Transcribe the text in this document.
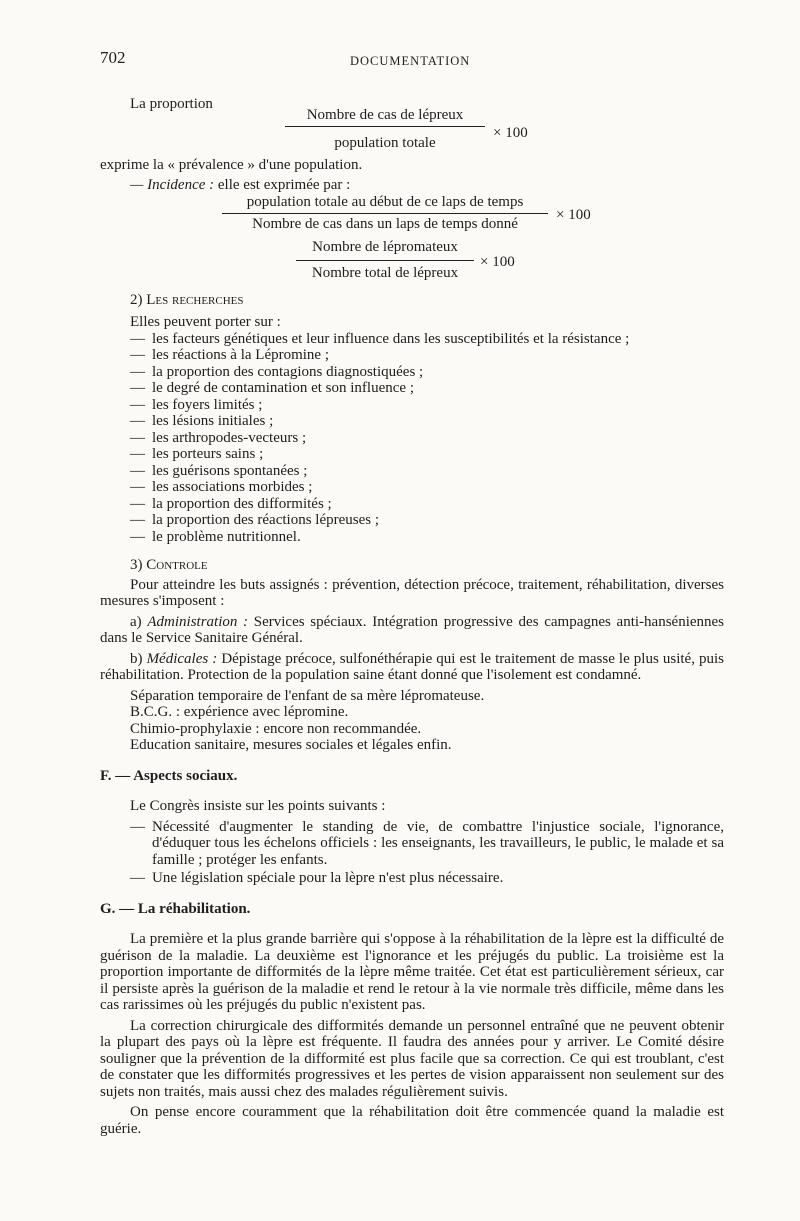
702	DOCUMENTATION

La proportion

Nombre de cas de lépreux
population totale
× 100

exprime la « prévalence » d'une population.

— Incidence : elle est exprimée par :

population totale au début de ce laps de temps
Nombre de cas dans un laps de temps donné
× 100
Nombre de lépromateux
Nombre total de lépreux
× 100

2) Les recherches

Elles peuvent porter sur :

— les facteurs génétiques et leur influence dans les susceptibilités et la résistance ;
— les réactions à la Lépromine ;
— la proportion des contagions diagnostiquées ;
— le degré de contamination et son influence ;
— les foyers limités ;
— les lésions initiales ;
— les arthropodes-vecteurs ;
— les porteurs sains ;
— les guérisons spontanées ;
— les associations morbides ;
— la proportion des difformités ;
— la proportion des réactions lépreuses ;
— le problème nutritionnel.

3) Controle

Pour atteindre les buts assignés : prévention, détection précoce, traitement, réhabilitation, diverses mesures s'imposent :

a) Administration : Services spéciaux. Intégration progressive des campagnes anti-hanséniennes dans le Service Sanitaire Général.

b) Médicales : Dépistage précoce, sulfonéthérapie qui est le traitement de masse le plus usité, puis réhabilitation. Protection de la population saine étant donné que l'isolement est condamné.

Séparation temporaire de l'enfant de sa mère lépromateuse.

B.C.G. : expérience avec lépromine.

Chimio-prophylaxie : encore non recommandée.

Education sanitaire, mesures sociales et légales enfin.

F. — Aspects sociaux.

Le Congrès insiste sur les points suivants :

— Nécessité d'augmenter le standing de vie, de combattre l'injustice sociale, l'ignorance, d'éduquer tous les échelons officiels : les enseignants, les travailleurs, le public, le malade et sa famille ; protéger les enfants.
— Une législation spéciale pour la lèpre n'est plus nécessaire.

G. — La réhabilitation.

La première et la plus grande barrière qui s'oppose à la réhabilitation de la lèpre est la difficulté de guérison de la maladie. La deuxième est l'ignorance et les préjugés du public. La troisième est la proportion importante de difformités de la lèpre même traitée. Cet état est particulièrement sérieux, car il persiste après la guérison de la maladie et rend le retour à la vie normale très difficile, même dans les cas rarissimes où les préjugés du public n'existent pas.

La correction chirurgicale des difformités demande un personnel entraîné que ne peuvent obtenir la plupart des pays où la lèpre est fréquente. Il faudra des années pour y arriver. Le Comité désire souligner que la prévention de la difformité est plus facile que sa correction. Ce qui est troublant, c'est de constater que les difformités progressives et les pertes de vision apparaissent non seulement sur des sujets non traités, mais aussi chez des malades régulièrement suivis.

On pense encore couramment que la réhabilitation doit être commencée quand la maladie est guérie.
